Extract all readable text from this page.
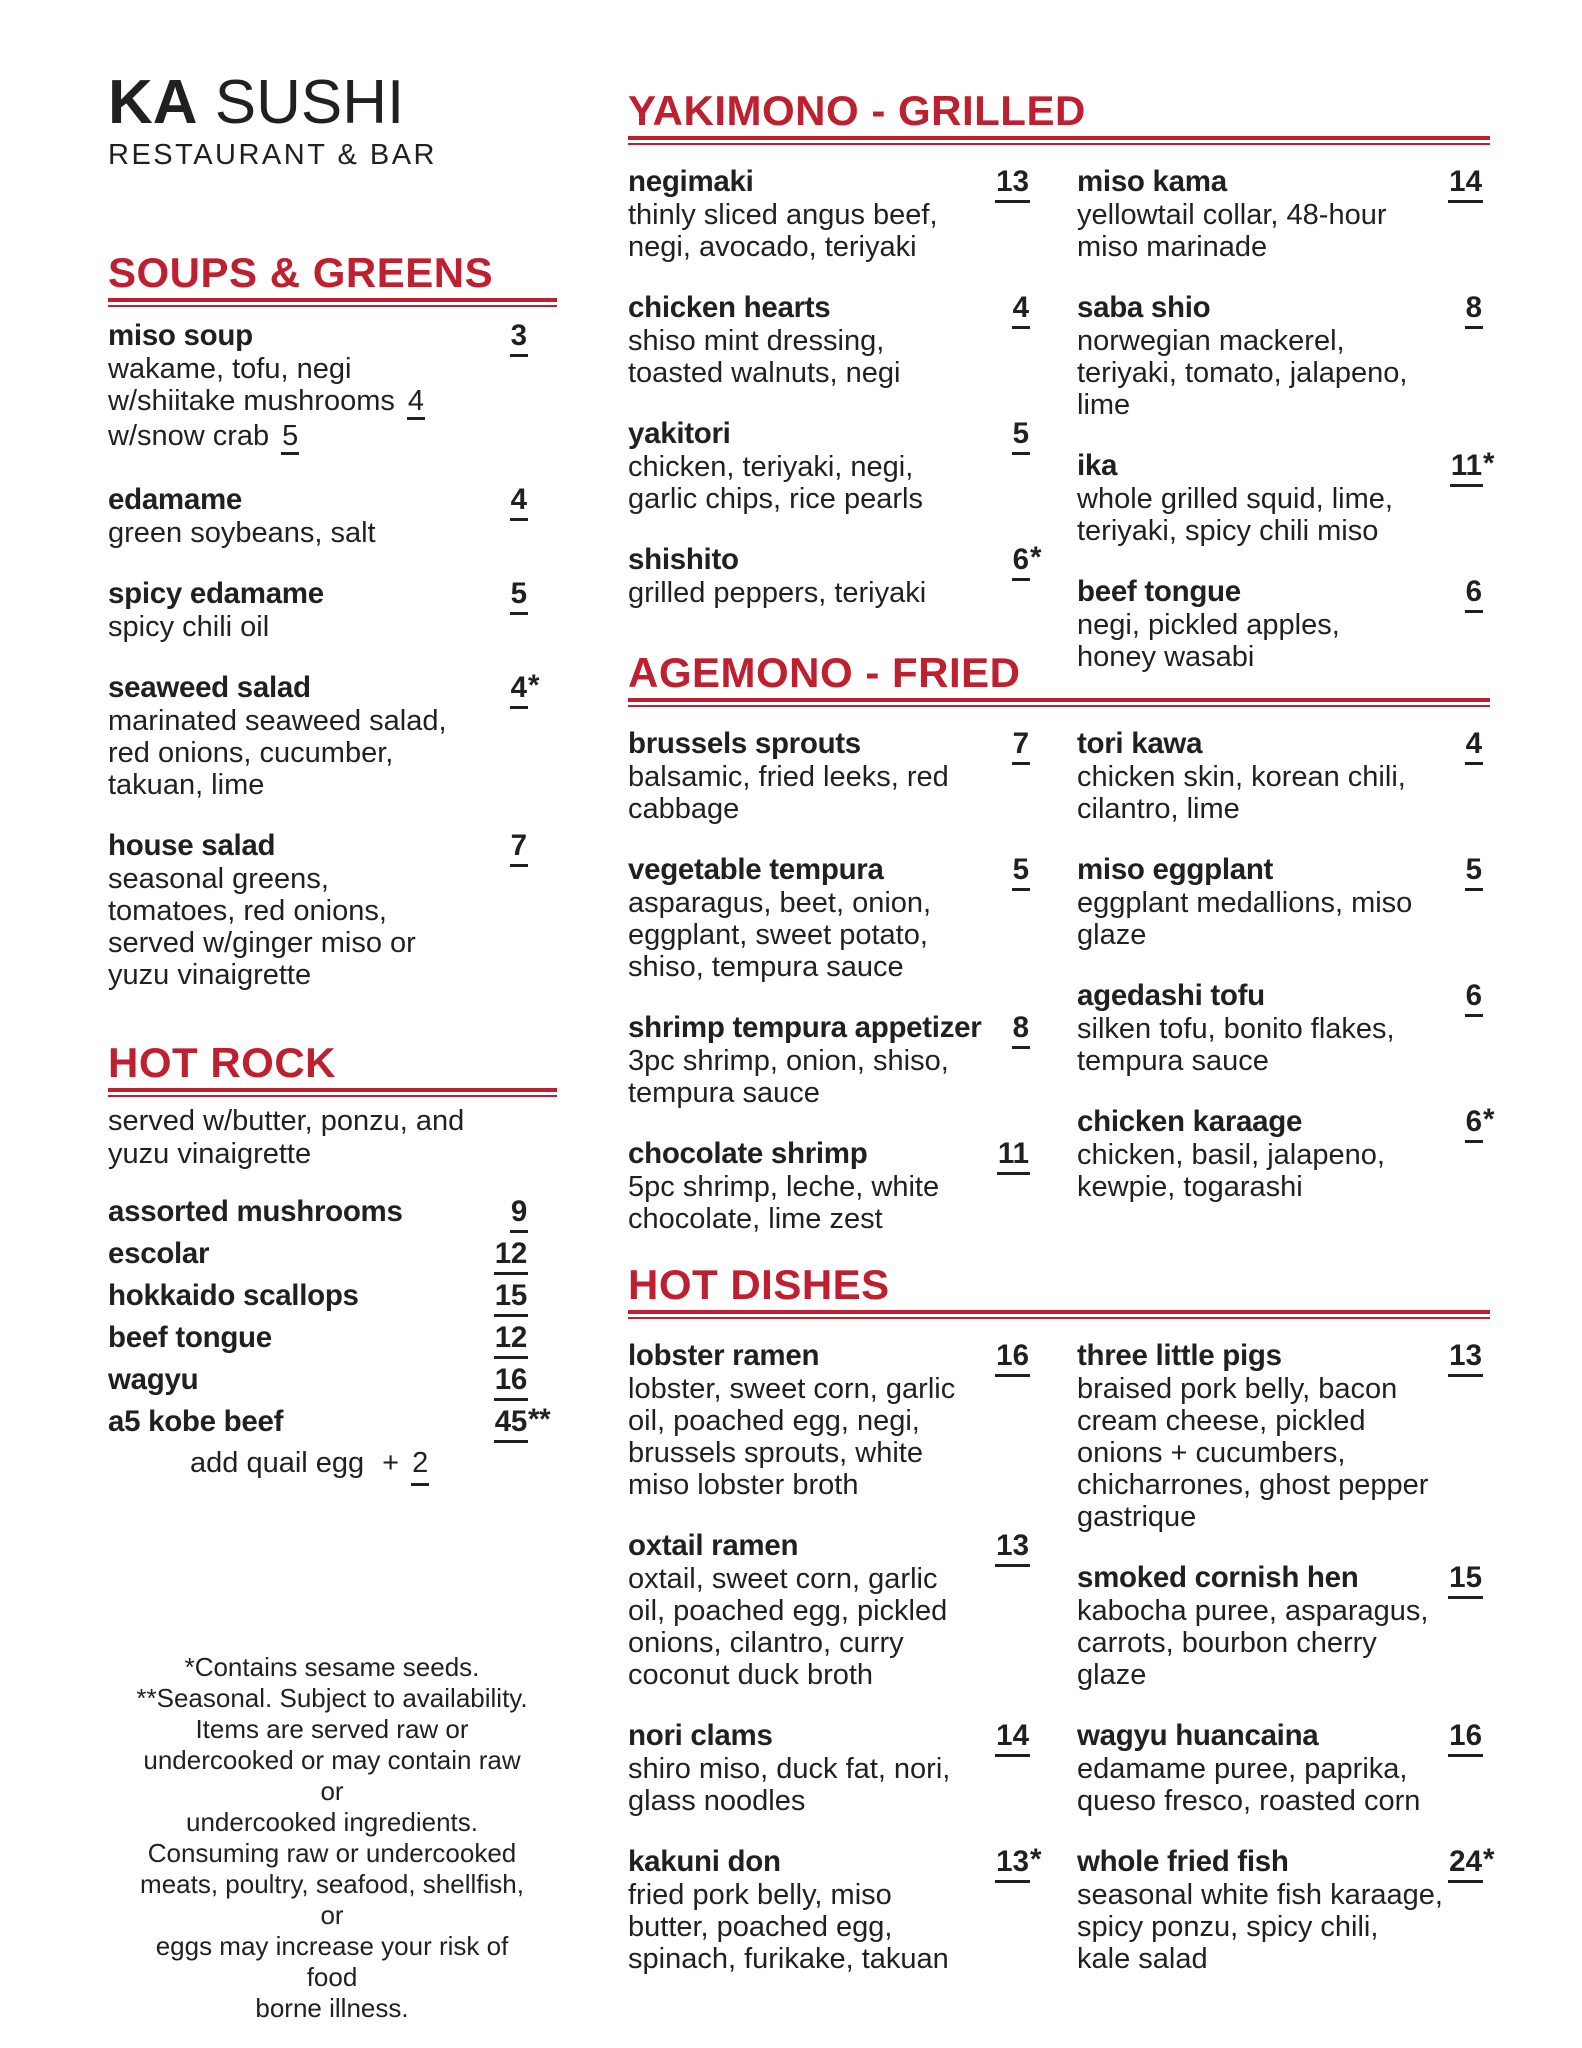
KA SUSHI
RESTAURANT & BAR
SOUPS & GREENS
miso soup	3
wakame, tofu, negi
w/shiitake mushrooms 4
w/snow crab 5
edamame	4
green soybeans, salt
spicy edamame	5
spicy chili oil
seaweed salad	4 *
marinated seaweed salad,
red onions, cucumber,
takuan, lime
house salad	7
seasonal greens,
tomatoes, red onions,
served w/ginger miso or
yuzu vinaigrette
HOT ROCK
served w/butter, ponzu, and
yuzu vinaigrette
assorted mushrooms	9
escolar	12
hokkaido scallops	15
beef tongue	12
wagyu	16
a5 kobe beef	45 **
add quail egg + 2
*Contains sesame seeds.
**Seasonal. Subject to availability.
Items are served raw or
undercooked or may contain raw or
undercooked ingredients.
Consuming raw or undercooked
meats, poultry, seafood, shellfish, or
eggs may increase your risk of food
borne illness.
YAKIMONO - GRILLED
negimaki	13
thinly sliced angus beef,
negi, avocado, teriyaki
chicken hearts	4
shiso mint dressing,
toasted walnuts, negi
yakitori	5
chicken, teriyaki, negi,
garlic chips, rice pearls
shishito	6 *
grilled peppers, teriyaki
miso kama	14
yellowtail collar, 48-hour
miso marinade
saba shio	8
norwegian mackerel,
teriyaki, tomato, jalapeno,
lime
ika	11 *
whole grilled squid, lime,
teriyaki, spicy chili miso
beef tongue	6
negi, pickled apples,
honey wasabi
AGEMONO - FRIED
brussels sprouts	7
balsamic, fried leeks, red
cabbage
vegetable tempura	5
asparagus, beet, onion,
eggplant, sweet potato,
shiso, tempura sauce
shrimp tempura appetizer	8
3pc shrimp, onion, shiso,
tempura sauce
chocolate shrimp	11
5pc shrimp, leche, white
chocolate, lime zest
tori kawa	4
chicken skin, korean chili,
cilantro, lime
miso eggplant	5
eggplant medallions, miso
glaze
agedashi tofu	6
silken tofu, bonito flakes,
tempura sauce
chicken karaage	6 *
chicken, basil, jalapeno,
kewpie, togarashi
HOT DISHES
lobster ramen	16
lobster, sweet corn, garlic
oil, poached egg, negi,
brussels sprouts, white
miso lobster broth
oxtail ramen	13
oxtail, sweet corn, garlic
oil, poached egg, pickled
onions, cilantro, curry
coconut duck broth
nori clams	14
shiro miso, duck fat, nori,
glass noodles
kakuni don	13 *
fried pork belly, miso
butter, poached egg,
spinach, furikake, takuan
three little pigs	13
braised pork belly, bacon
cream cheese, pickled
onions + cucumbers,
chicharrones, ghost pepper
gastrique
smoked cornish hen	15
kabocha puree, asparagus,
carrots, bourbon cherry
glaze
wagyu huancaina	16
edamame puree, paprika,
queso fresco, roasted corn
whole fried fish	24 *
seasonal white fish karaage,
spicy ponzu, spicy chili,
kale salad
